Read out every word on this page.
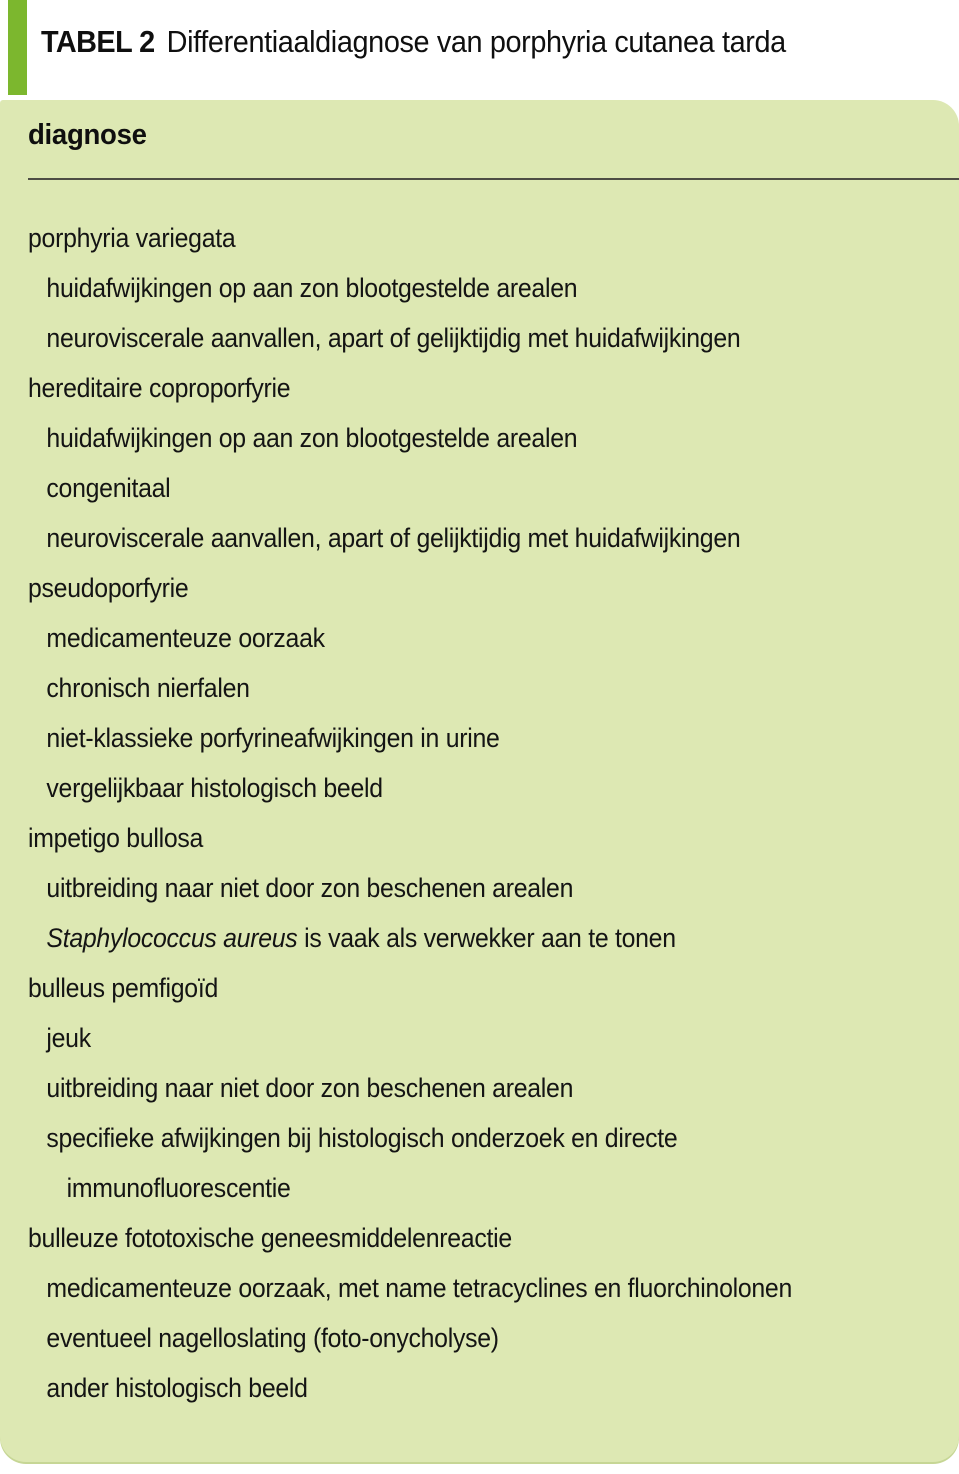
TABEL 2 Differentiaaldiagnose van porphyria cutanea tarda
diagnose
porphyria variegata
huidafwijkingen op aan zon blootgestelde arealen
neuroviscerale aanvallen, apart of gelijktijdig met huidafwijkingen
hereditaire coproporfyrie
huidafwijkingen op aan zon blootgestelde arealen
congenitaal
neuroviscerale aanvallen, apart of gelijktijdig met huidafwijkingen
pseudoporfyrie
medicamenteuze oorzaak
chronisch nierfalen
niet-klassieke porfyrineafwijkingen in urine
vergelijkbaar histologisch beeld
impetigo bullosa
uitbreiding naar niet door zon beschenen arealen
Staphylococcus aureus is vaak als verwekker aan te tonen
bulleus pemfigoïd
jeuk
uitbreiding naar niet door zon beschenen arealen
specifieke afwijkingen bij histologisch onderzoek en directe
immunofluorescentie
bulleuze fototoxische geneesmiddelenreactie
medicamenteuze oorzaak, met name tetracyclines en fluorchinolonen
eventueel nagelloslating (foto-onycholyse)
ander histologisch beeld
